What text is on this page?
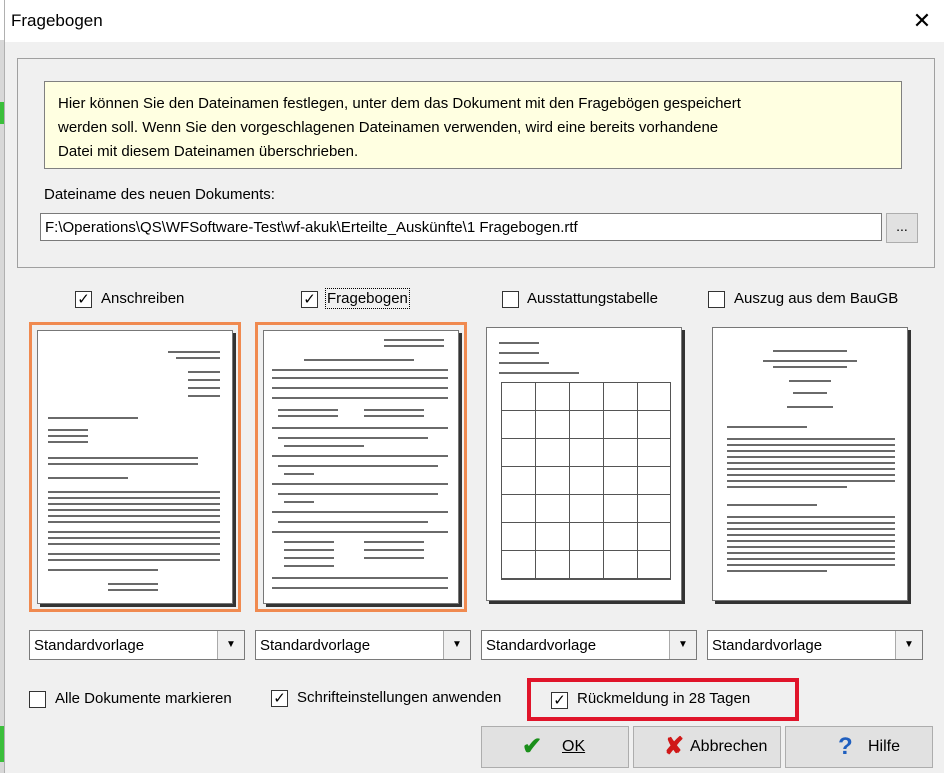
Fragebogen	✕

Hier können Sie den Dateinamen festlegen, unter dem das Dokument mit den Fragebögen gespeichert
werden soll. Wenn Sie den vorgeschlagenen Dateinamen verwenden, wird eine bereits vorhandene
Datei mit diesem Dateinamen überschrieben.

Dateiname des neuen Dokuments:
F:\Operations\QS\WFSoftware-Test\wf-akuk\Erteilte_Auskünfte\1 Fragebogen.rtf	...
✓ Anschreiben	✓ Fragebogen	Ausstattungstabelle	Auszug aus dem BauGB
Standardvorlage	▼	Standardvorlage	▼	Standardvorlage	▼	Standardvorlage	▼
Alle Dokumente markieren	✓ Schrifteinstellungen anwenden	✓ Rückmeldung in 28 Tagen
✔ OK	✘ Abbrechen	? Hilfe
